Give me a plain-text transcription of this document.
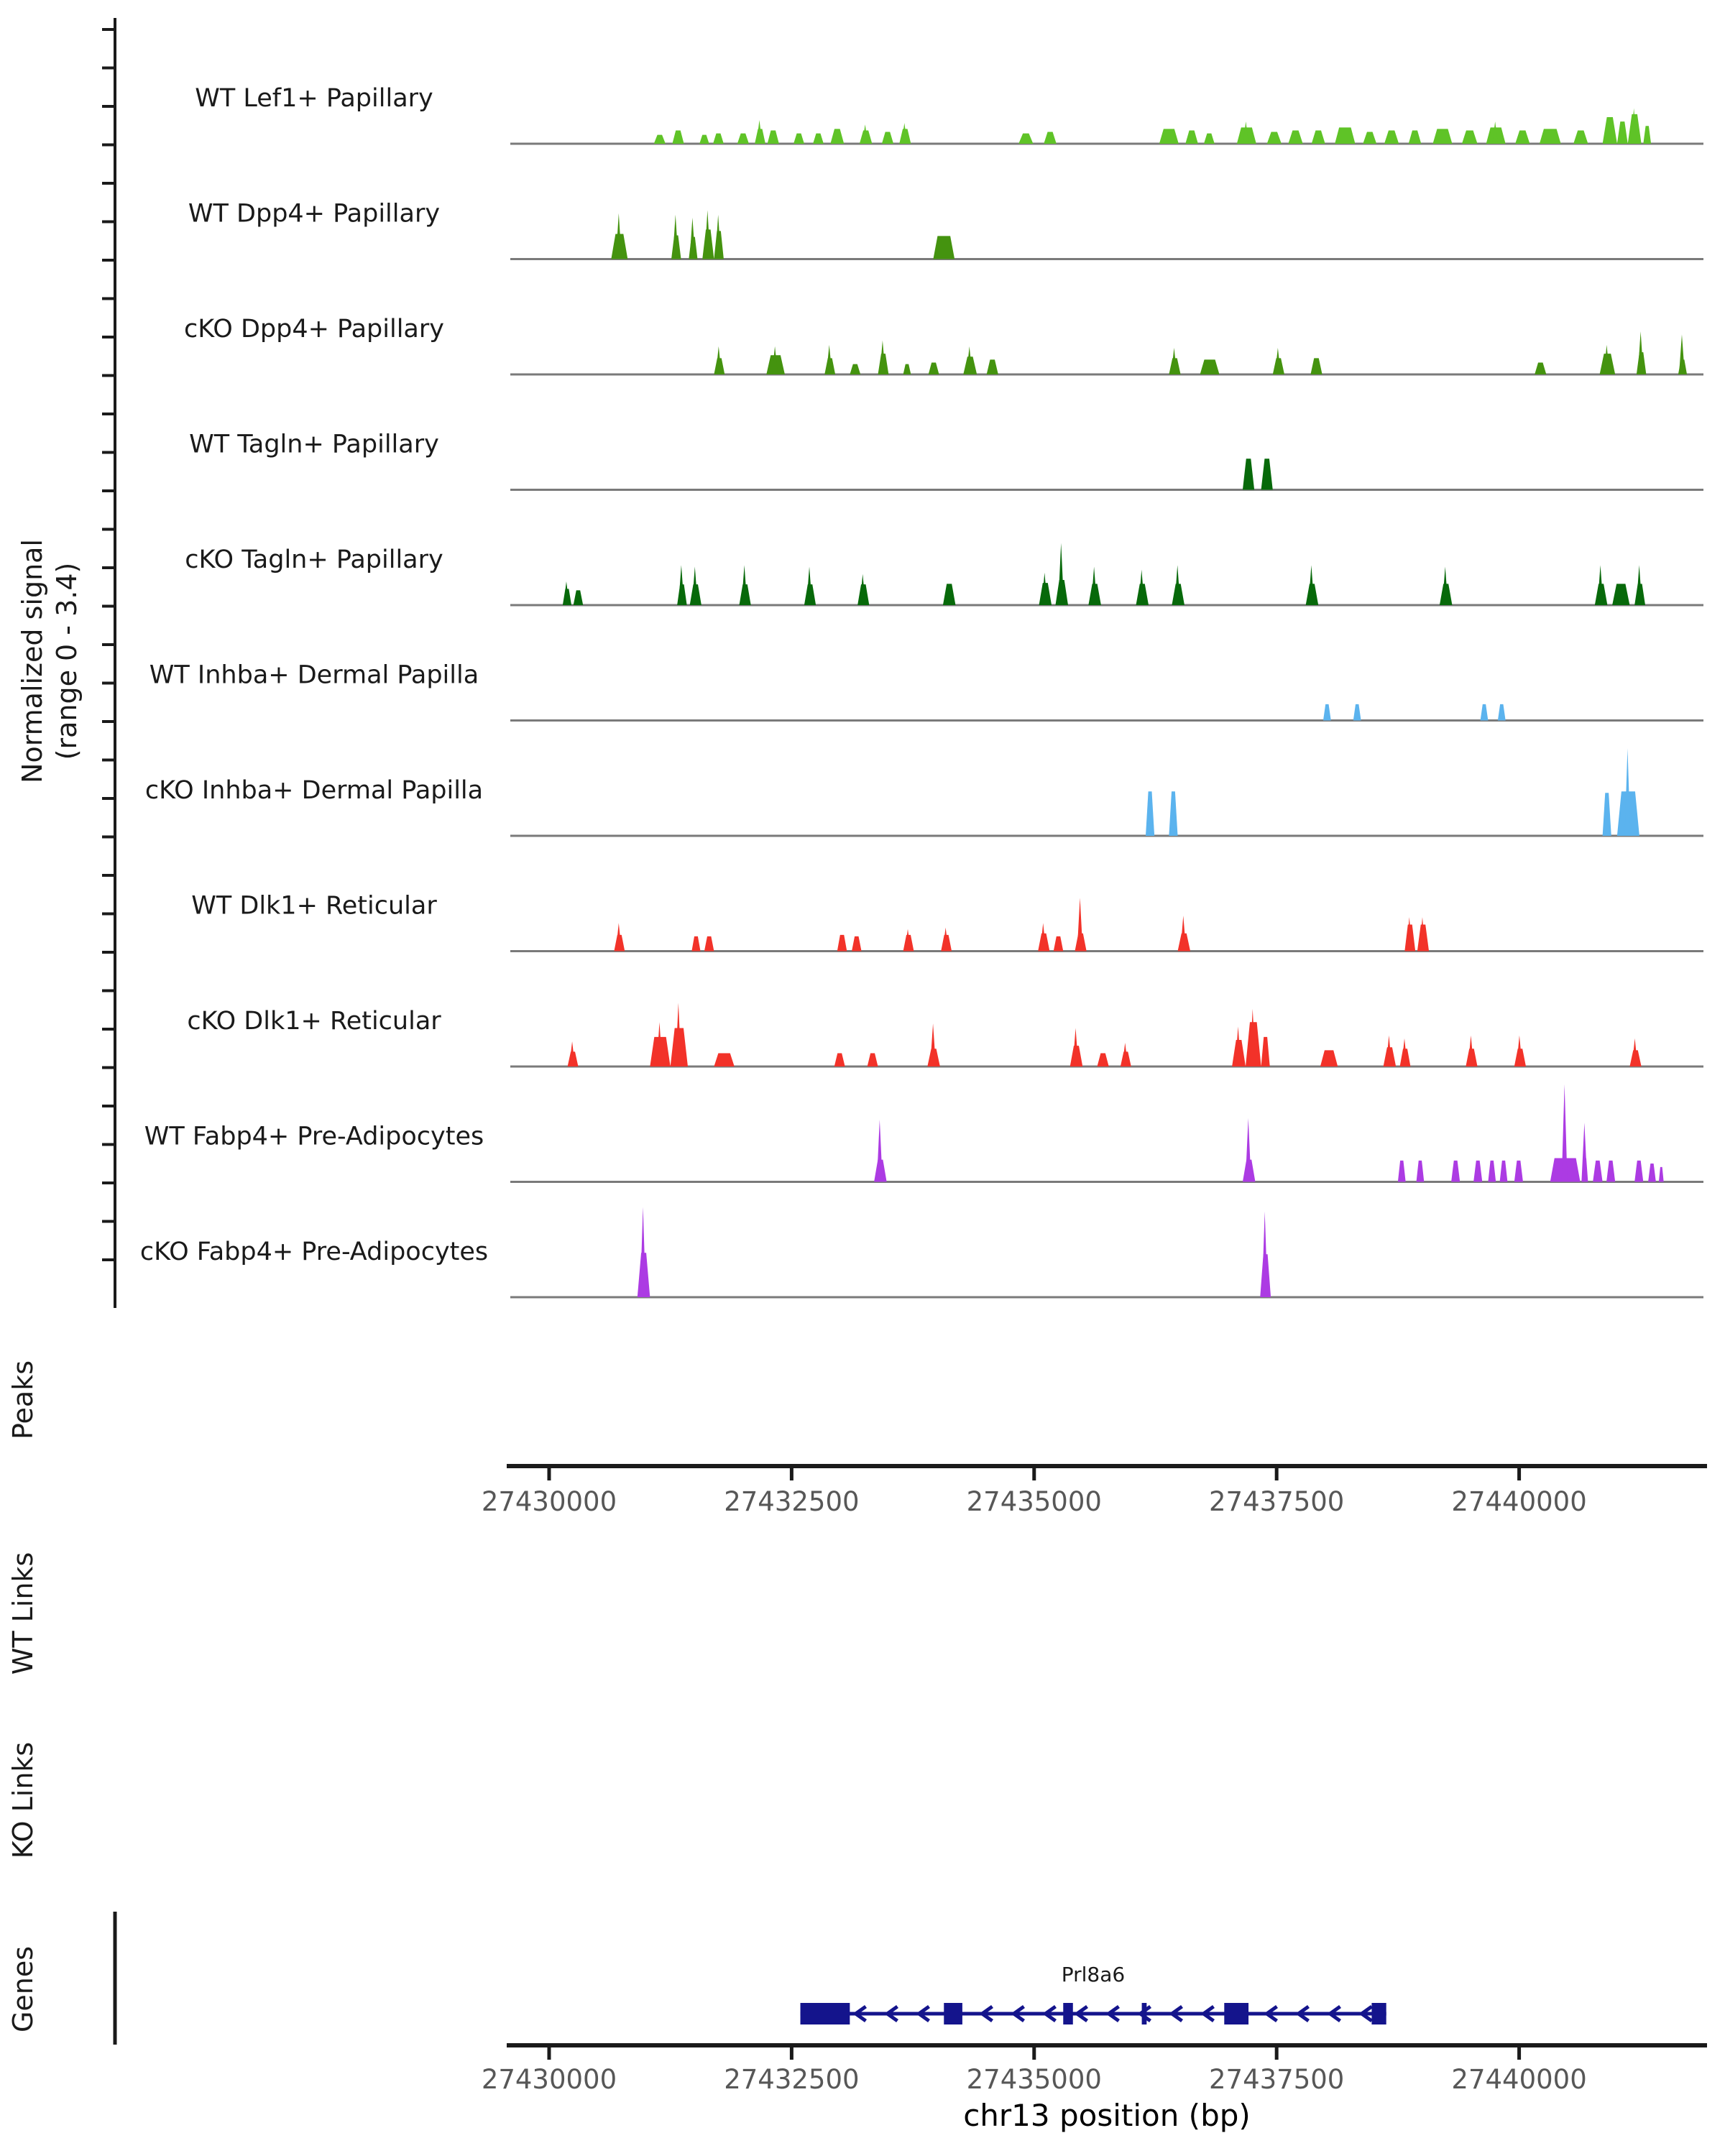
27430000	27432500	27435000	27437500	27440000
27430000	27432500	27435000	27437500	27440000
Normalized signal (range 0 - 3.4)
WT Lef1+ Papillary
WT Dpp4+ Papillary
cKO Dpp4+ Papillary
WT Tagln+ Papillary
cKO Tagln+ Papillary
WT Inhba+ Dermal Papilla
cKO Inhba+ Dermal Papilla
WT Dlk1+ Reticular
cKO Dlk1+ Reticular
WT Fabp4+ Pre-Adipocytes
cKO Fabp4+ Pre-Adipocytes
Peaks
WT Links
KO Links
Genes	Prl8a6
chr13 position (bp)
